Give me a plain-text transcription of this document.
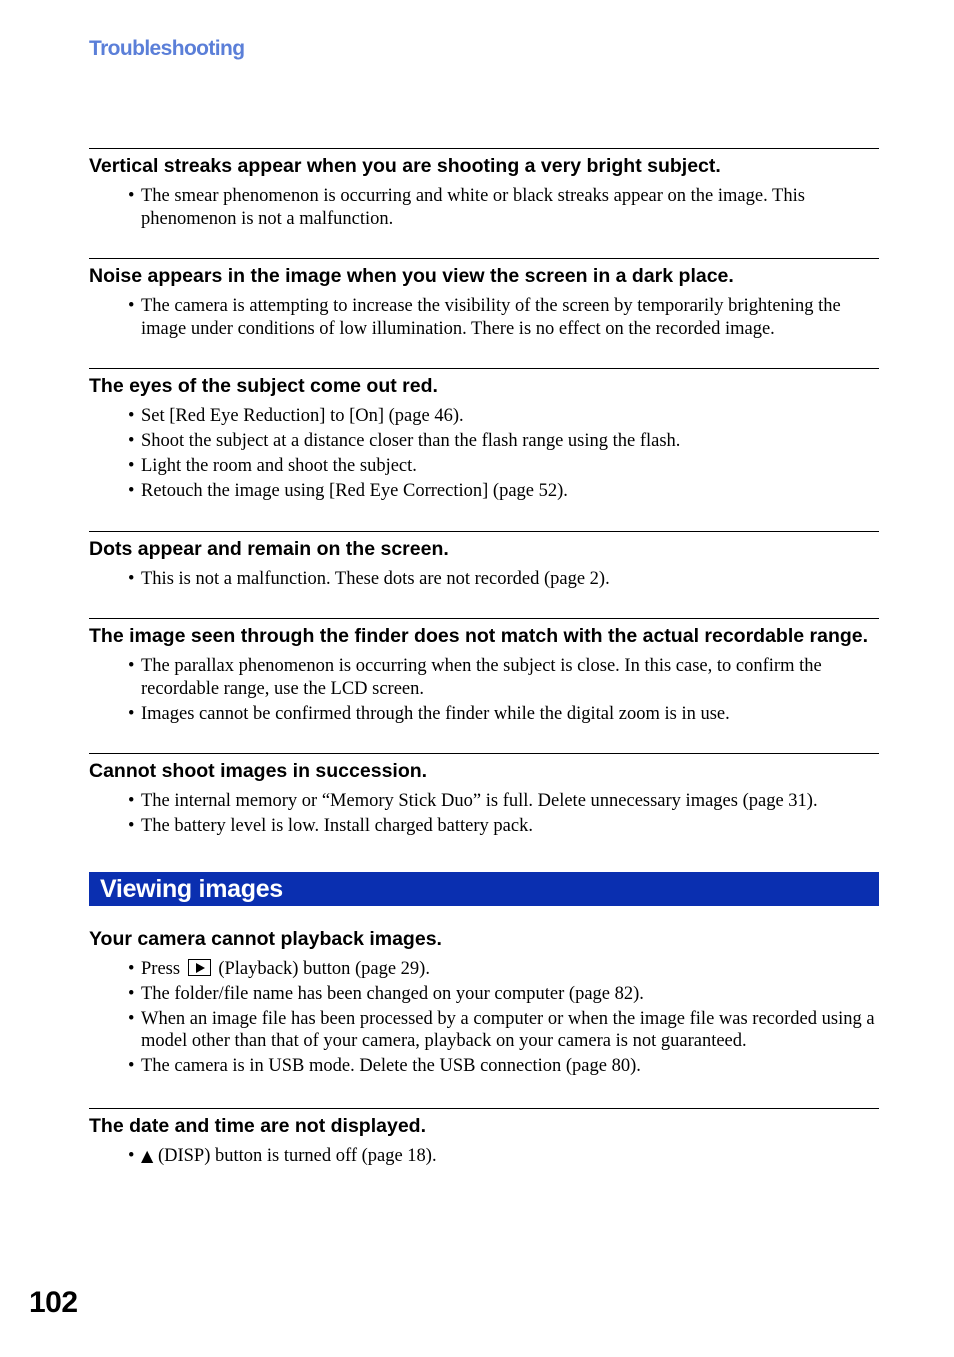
Troubleshooting

Vertical streaks appear when you are shooting a very bright subject.

• The smear phenomenon is occurring and white or black streaks appear on the image. This phenomenon is not a malfunction.

Noise appears in the image when you view the screen in a dark place.

• The camera is attempting to increase the visibility of the screen by temporarily brightening the image under conditions of low illumination. There is no effect on the recorded image.

The eyes of the subject come out red.

• Set [Red Eye Reduction] to [On] (page 46).
• Shoot the subject at a distance closer than the flash range using the flash.
• Light the room and shoot the subject.
• Retouch the image using [Red Eye Correction] (page 52).

Dots appear and remain on the screen.

• This is not a malfunction. These dots are not recorded (page 2).

The image seen through the finder does not match with the actual recordable range.

• The parallax phenomenon is occurring when the subject is close. In this case, to confirm the recordable range, use the LCD screen.
• Images cannot be confirmed through the finder while the digital zoom is in use.

Cannot shoot images in succession.

• The internal memory or “Memory Stick Duo” is full. Delete unnecessary images (page 31).
• The battery level is low. Install charged battery pack.
Viewing images

Your camera cannot playback images.

• Press (Playback) button (page 29).
• The folder/file name has been changed on your computer (page 82).
• When an image file has been processed by a computer or when the image file was recorded using a model other than that of your camera, playback on your camera is not guaranteed.
• The camera is in USB mode. Delete the USB connection (page 80).

The date and time are not displayed.

• ▲ (DISP) button is turned off (page 18).

102
